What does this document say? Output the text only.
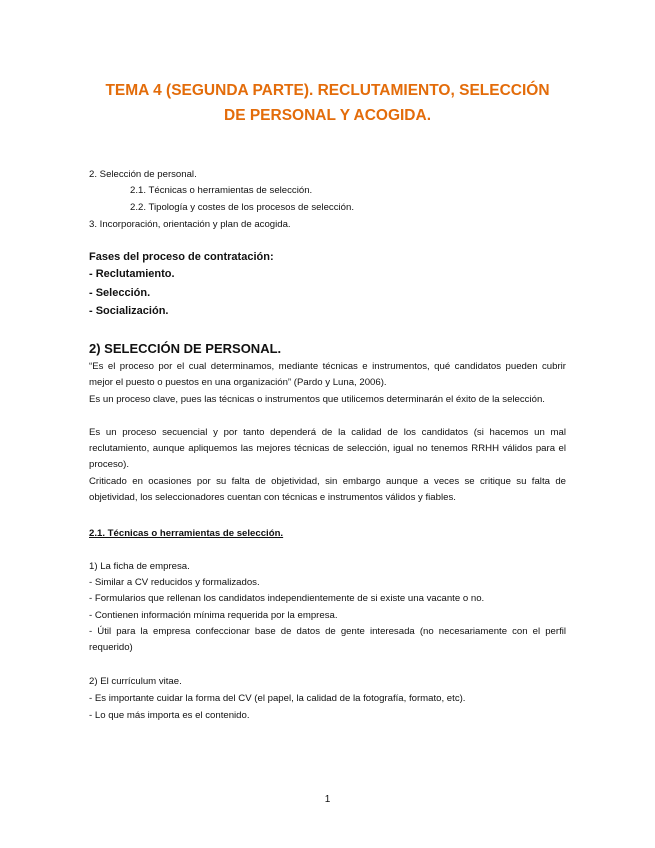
TEMA 4 (SEGUNDA PARTE). RECLUTAMIENTO, SELECCIÓN
DE PERSONAL Y ACOGIDA.
2. Selección de personal.
2.1. Técnicas o herramientas de selección.
2.2. Tipología y costes de los procesos de selección.
3. Incorporación, orientación y plan de acogida.
Fases del proceso de contratación:
- Reclutamiento.
- Selección.
- Socialización.
2) SELECCIÓN DE PERSONAL.
“Es el proceso por el cual determinamos, mediante técnicas e instrumentos, qué candidatos pueden cubrir mejor el puesto o puestos en una organización” (Pardo y Luna, 2006).
Es un proceso clave, pues las técnicas o instrumentos que utilicemos determinarán el éxito de la selección.
Es un proceso secuencial y por tanto dependerá de la calidad de los candidatos (si hacemos un mal reclutamiento, aunque apliquemos las mejores técnicas de selección, igual no tenemos RRHH válidos para el proceso).
Criticado en ocasiones por su falta de objetividad, sin embargo aunque a veces se critique su falta de objetividad, los seleccionadores cuentan con técnicas e instrumentos válidos y fiables.
2.1. Técnicas o herramientas de selección.
1) La ficha de empresa.
- Similar a CV reducidos y formalizados.
- Formularios que rellenan los candidatos independientemente de si existe una vacante o no.
- Contienen información mínima requerida por la empresa.
- Útil para la empresa confeccionar base de datos de gente interesada (no necesariamente con el perfil requerido)
2) El currículum vitae.
- Es importante cuidar la forma del CV (el papel, la calidad de la fotografía, formato, etc).
- Lo que más importa es el contenido.
1
